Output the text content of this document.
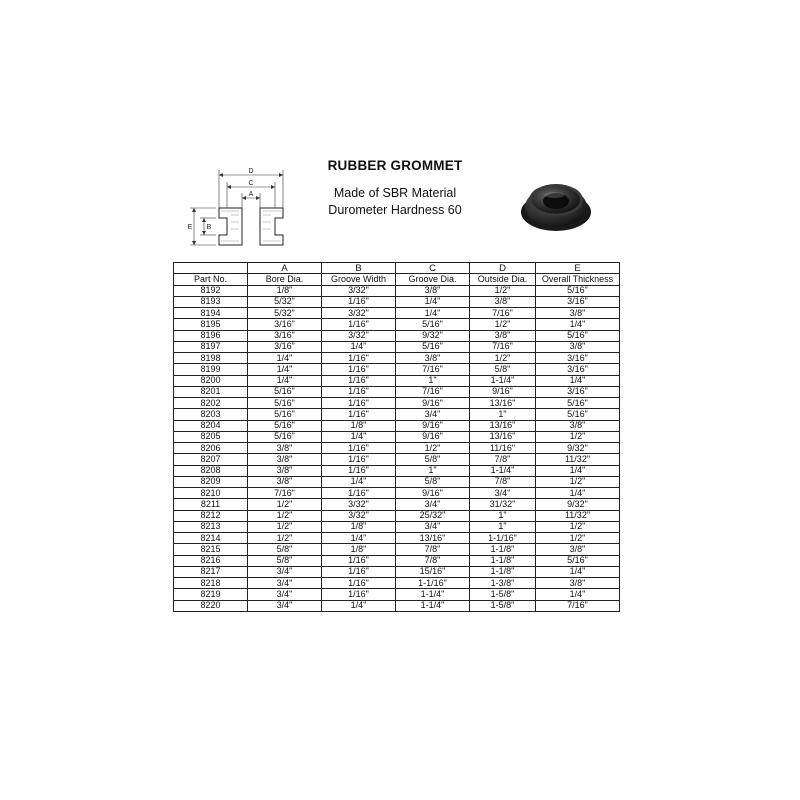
D
C
A
E B
RUBBER GROMMET
Made of SBR Material
Durometer Hardness 60
	A	B	C	D	E
Part No.	Bore Dia.	Groove Width	Groove Dia.	Outside Dia.	Overall Thickness
8192	1/8"	3/32"	3/8"	1/2"	5/16"
8193	5/32"	1/16"	1/4"	3/8"	3/16"
8194	5/32"	3/32"	1/4"	7/16"	3/8"
8195	3/16"	1/16"	5/16"	1/2"	1/4"
8196	3/16"	3/32"	9/32"	3/8"	5/16"
8197	3/16"	1/4"	5/16"	7/16"	3/8"
8198	1/4"	1/16"	3/8"	1/2"	3/16"
8199	1/4"	1/16"	7/16"	5/8"	3/16"
8200	1/4"	1/16"	1"	1-1/4"	1/4"
8201	5/16"	1/16"	7/16"	9/16"	3/16"
8202	5/16"	1/16"	9/16"	13/16"	5/16"
8203	5/16"	1/16"	3/4"	1"	5/16"
8204	5/16"	1/8"	9/16"	13/16"	3/8"
8205	5/16"	1/4"	9/16"	13/16"	1/2"
8206	3/8"	1/16"	1/2"	11/16"	9/32"
8207	3/8"	1/16"	5/8"	7/8"	11/32"
8208	3/8"	1/16"	1"	1-1/4"	1/4"
8209	3/8"	1/4"	5/8"	7/8"	1/2"
8210	7/16"	1/16"	9/16"	3/4"	1/4"
8211	1/2"	3/32"	3/4"	31/32"	9/32"
8212	1/2"	3/32"	25/32"	1"	11/32"
8213	1/2"	1/8"	3/4"	1"	1/2"
8214	1/2"	1/4"	13/16"	1-1/16"	1/2"
8215	5/8"	1/8"	7/8"	1-1/8"	3/8"
8216	5/8"	1/16"	7/8"	1-1/8"	5/16"
8217	3/4"	1/16"	15/16"	1-1/8"	1/4"
8218	3/4"	1/16"	1-1/16"	1-3/8"	3/8"
8219	3/4"	1/16"	1-1/4"	1-5/8"	1/4"
8220	3/4"	1/4"	1-1/4"	1-5/8"	7/16"
